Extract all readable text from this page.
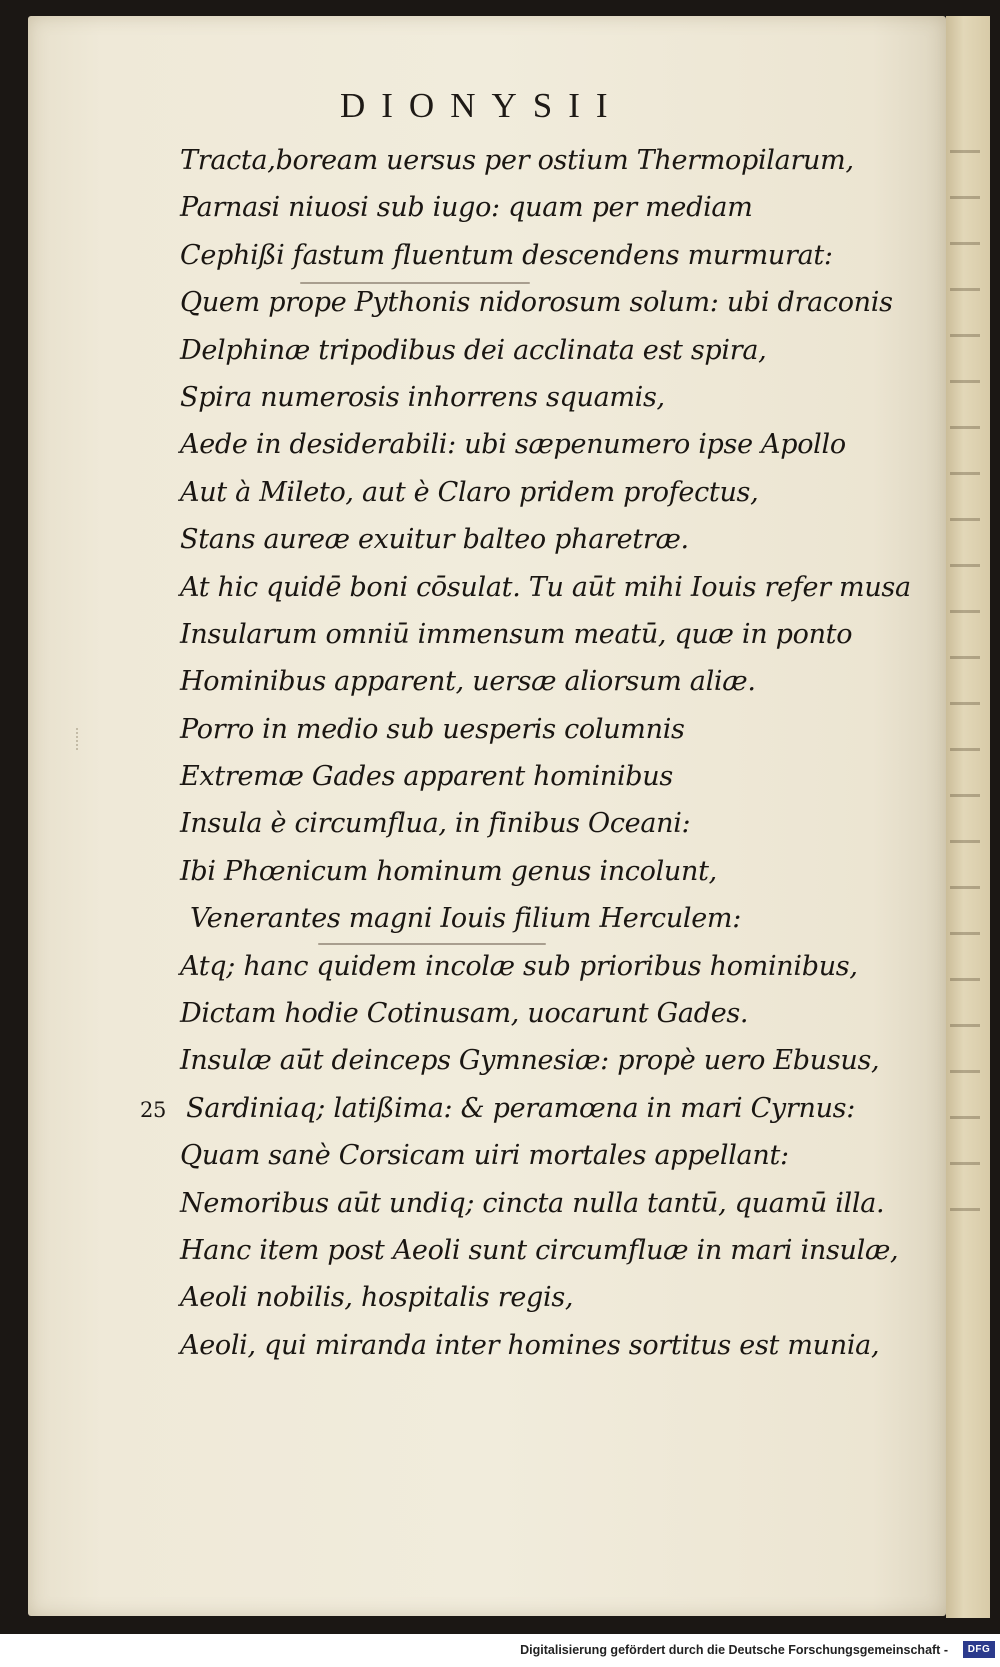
DIONYSII
Tracta,boream uersus per ostium Thermopilarum,
Parnasi niuosi sub iugo: quam per mediam
Cephißi fastum fluentum descendens murmurat:
Quem prope Pythonis nidorosum solum: ubi draconis
Delphinæ tripodibus dei acclinata est spira,
Spira numerosis inhorrens squamis,
Aede in desiderabili: ubi sæpenumero ipse Apollo
Aut à Mileto, aut è Claro pridem profectus,
Stans aureæ exuitur balteo pharetræ.
At hic quidē boni cōsulat. Tu aūt mihi Iouis refer musa
Insularum omniū immensum meatū, quæ in ponto
Hominibus apparent, uersæ aliorsum aliæ.
Porro in medio sub uesperis columnis
Extremæ Gades apparent hominibus
Insula è circumflua, in finibus Oceani:
Ibi Phœnicum hominum genus incolunt,
Venerantes magni Iouis filium Herculem:
Atq; hanc quidem incolæ sub prioribus hominibus,
Dictam hodie Cotinusam, uocarunt Gades.
Insulæ aūt deinceps Gymnesiæ: propè uero Ebusus,
25 Sardiniaq; latißima: & peramœna in mari Cyrnus:
Quam sanè Corsicam uiri mortales appellant:
Nemoribus aūt undiq; cincta nulla tantū, quamū illa.
Hanc item post Aeoli sunt circumfluæ in mari insulæ,
Aeoli nobilis, hospitalis regis,
Aeoli, qui miranda inter homines sortitus est munia,
Digitalisierung gefördert durch die Deutsche Forschungsgemeinschaft -	DFG
